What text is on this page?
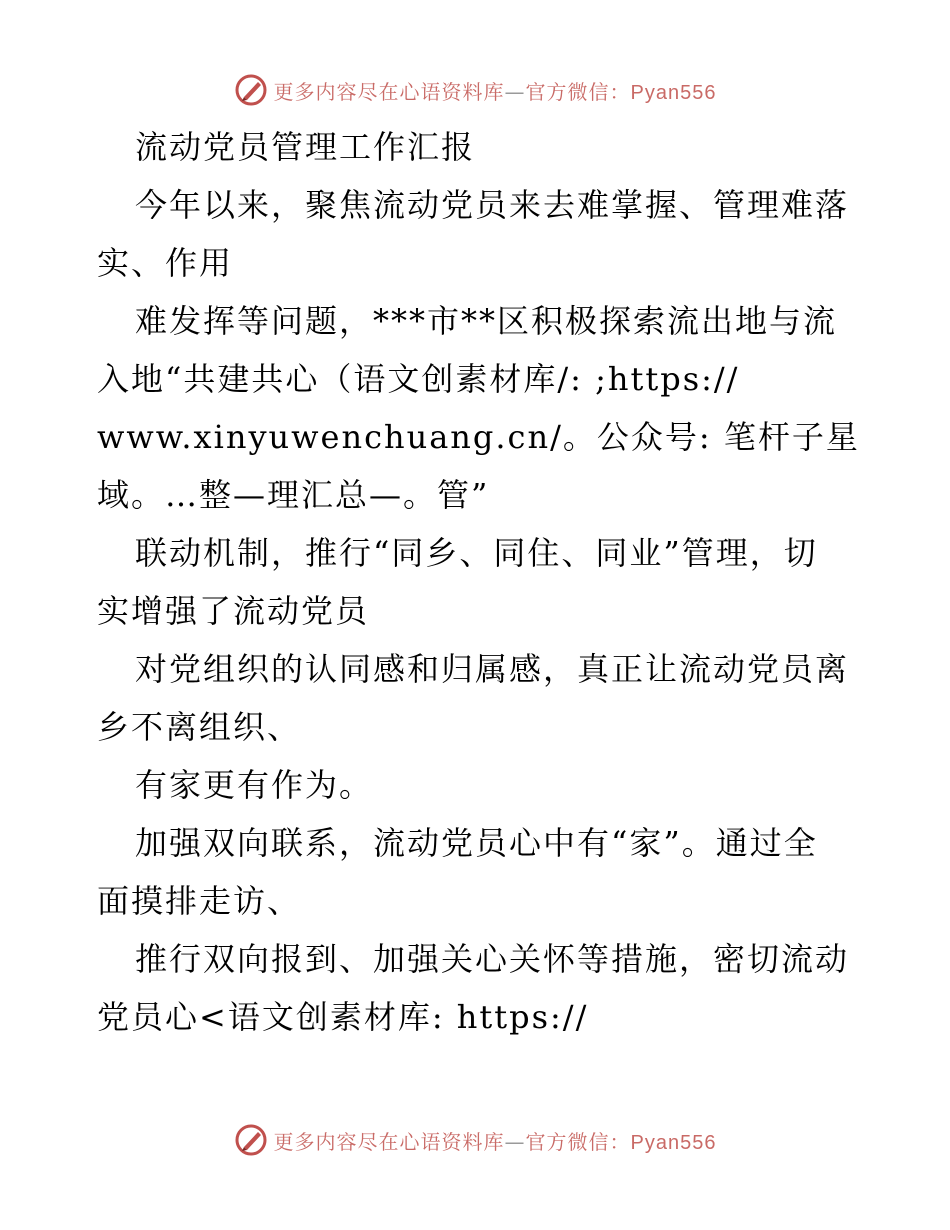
更多内容尽在心语资料库—官方微信：Pyan556
流动党员管理工作汇报
今年以来，聚焦流动党员来去难掌握、管理难落
实、作用
难发挥等问题，***市**区积极探索流出地与流
入地“共建共心（语文创素材库/: ;https://
www.xinyuwenchuang.cn/。公众号: 笔杆子星
域。…整—理汇总—。管”
联动机制，推行“同乡、同住、同业”管理，切
实增强了流动党员
对党组织的认同感和归属感，真正让流动党员离
乡不离组织、
有家更有作为。
加强双向联系，流动党员心中有“家”。通过全
面摸排走访、
推行双向报到、加强关心关怀等措施，密切流动
党员心<语文创素材库: https://
更多内容尽在心语资料库—官方微信：Pyan556
